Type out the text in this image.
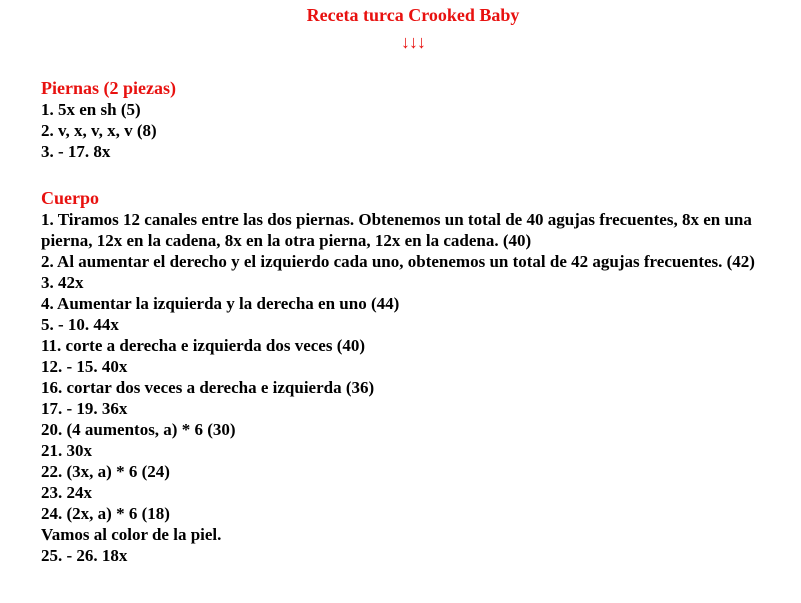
Receta turca Crooked Baby
↓↓↓
Piernas (2 piezas)
1. 5x en sh (5)
2. v, x, v, x, v (8)
3. - 17. 8x
Cuerpo
1. Tiramos 12 canales entre las dos piernas. Obtenemos un total de 40 agujas frecuentes, 8x en una pierna, 12x en la cadena, 8x en la otra pierna, 12x en la cadena. (40)
2. Al aumentar el derecho y el izquierdo cada uno, obtenemos un total de 42 agujas frecuentes. (42)
3. 42x
4. Aumentar la izquierda y la derecha en uno (44)
5. - 10. 44x
11. corte a derecha e izquierda dos veces (40)
12. - 15. 40x
16. cortar dos veces a derecha e izquierda (36)
17. - 19. 36x
20. (4 aumentos, a) * 6 (30)
21. 30x
22. (3x, a) * 6 (24)
23. 24x
24. (2x, a) * 6 (18)
Vamos al color de la piel.
25. - 26. 18x
